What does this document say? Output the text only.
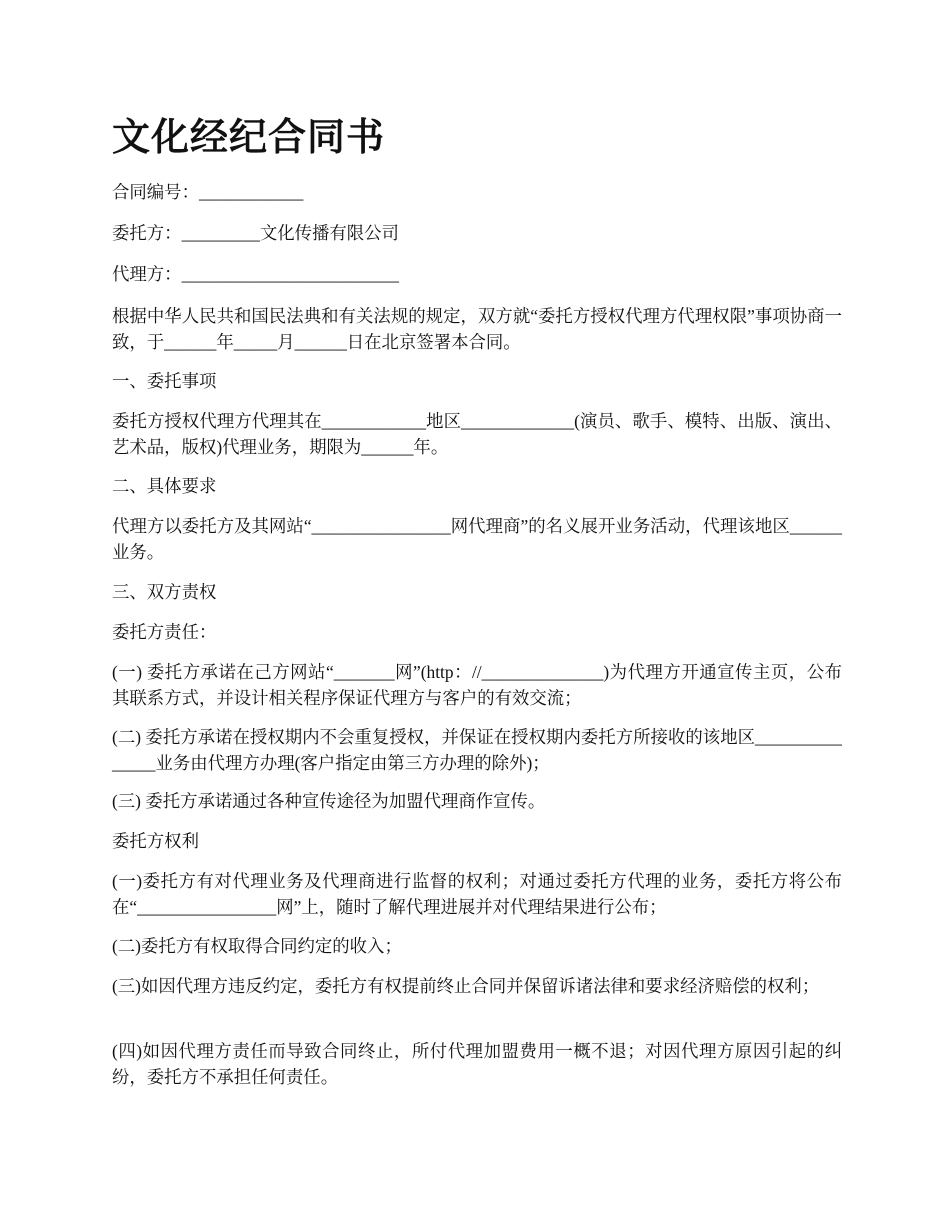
文化经纪合同书

合同编号：____________

委托方：_________文化传播有限公司

代理方：_________________________

根据中华人民共和国民法典和有关法规的规定，双方就“委托方授权代理方代理权限”事项协商一致，于______年_____月______日在北京签署本合同。

一、委托事项

委托方授权代理方代理其在____________地区_____________(演员、歌手、模特、出版、演出、艺术品，版权)代理业务，期限为______年。

二、具体要求

代理方以委托方及其网站“________________网代理商”的名义展开业务活动，代理该地区______业务。

三、双方责权

委托方责任：

(一) 委托方承诺在己方网站“_______网”(http：//______________)为代理方开通宣传主页，公布其联系方式，并设计相关程序保证代理方与客户的有效交流；

(二) 委托方承诺在授权期内不会重复授权，并保证在授权期内委托方所接收的该地区_______________业务由代理方办理(客户指定由第三方办理的除外)；

(三) 委托方承诺通过各种宣传途径为加盟代理商作宣传。

委托方权利

(一)委托方有对代理业务及代理商进行监督的权利；对通过委托方代理的业务，委托方将公布在“________________网”上，随时了解代理进展并对代理结果进行公布；

(二)委托方有权取得合同约定的收入；

(三)如因代理方违反约定，委托方有权提前终止合同并保留诉诸法律和要求经济赔偿的权利；

(四)如因代理方责任而导致合同终止，所付代理加盟费用一概不退；对因代理方原因引起的纠纷，委托方不承担任何责任。
